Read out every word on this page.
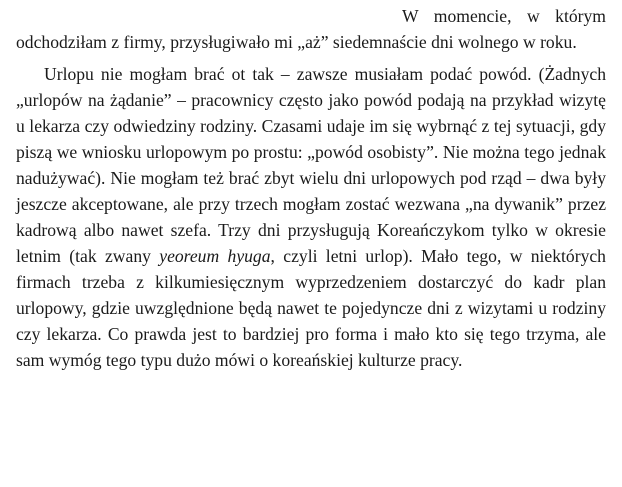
W momencie, w którym odchodziłam z firmy, przysługiwało mi „aż” siedemnaście dni wolnego w roku.

Urlopu nie mogłam brać ot tak – zawsze musiałam podać powód. (Żadnych „urlopów na żądanie” – pracownicy często jako powód podają na przykład wizytę u lekarza czy odwiedziny rodziny. Czasami udaje im się wybrnąć z tej sytuacji, gdy piszą we wniosku urlopowym po prostu: „powód osobisty”. Nie można tego jednak nadużywać). Nie mogłam też brać zbyt wielu dni urlopowych pod rząd – dwa były jeszcze akceptowane, ale przy trzech mogłam zostać wezwana „na dywanik” przez kadrową albo nawet szefa. Trzy dni przysługują Koreańczykom tylko w okresie letnim (tak zwany yeoreum hyuga, czyli letni urlop). Mało tego, w niektórych firmach trzeba z kilkumiesięcznym wyprzedzeniem dostarczyć do kadr plan urlopowy, gdzie uwzględnione będą nawet te pojedyncze dni z wizytami u rodziny czy lekarza. Co prawda jest to bardziej pro forma i mało kto się tego trzyma, ale sam wymóg tego typu dużo mówi o koreańskiej kulturze pracy.
